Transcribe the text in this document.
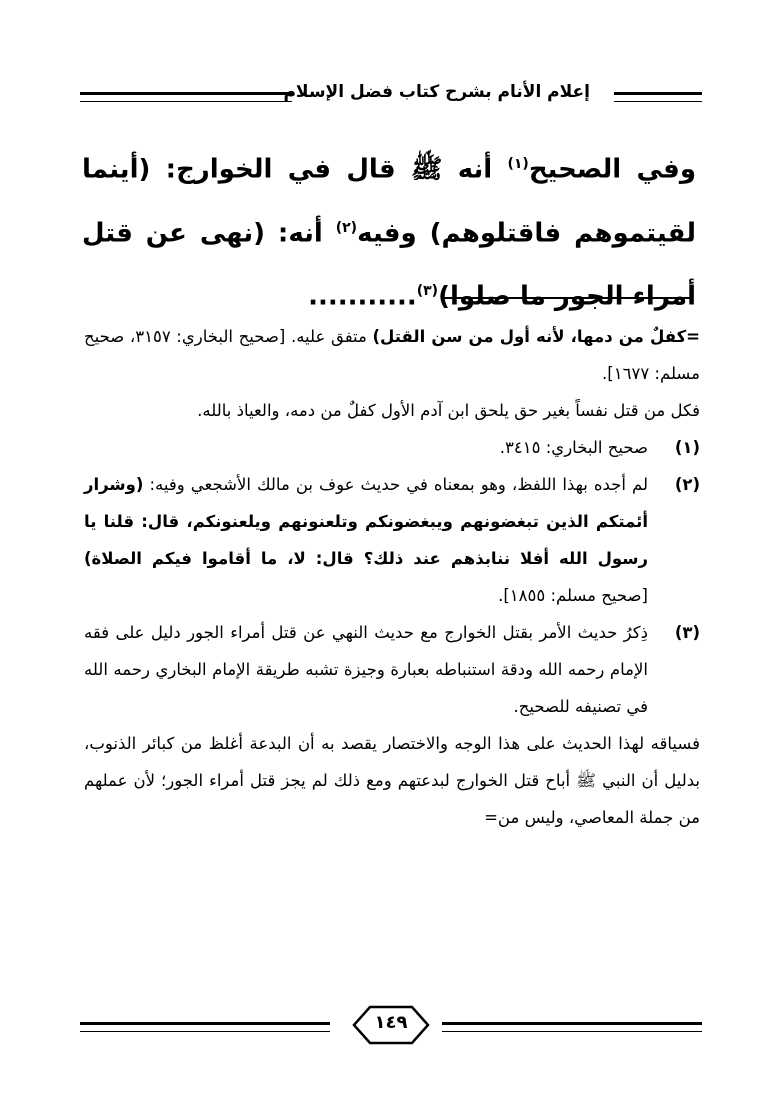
إعلام الأنام بشرح كتاب فضل الإسلام
وفي الصحيح$^{(١)}$ أنه ﷺ قال في الخوارج: (أينما لقيتموهم فاقتلوهم) وفيه$^{(٢)}$ أنه: (نهى عن قتل أمراء الجور ما صلوا)$^{(٣)}$...........

=كفلٌ من دمها، لأنه أول من سن القتل) متفق عليه. [صحيح البخاري: ٣١٥٧، صحيح مسلم: ١٦٧٧].

فكل من قتل نفساً بغير حق يلحق ابن آدم الأول كفلٌ من دمه، والعياذ بالله.

(١)
صحيح البخاري: ٣٤١٥.
(٢)
لم أجده بهذا اللفظ، وهو بمعناه في حديث عوف بن مالك الأشجعي وفيه: (وشرار أئمتكم الذين تبغضونهم ويبغضونكم وتلعنونهم ويلعنونكم، قال: قلنا يا رسول الله أفلا ننابذهم عند ذلك؟ قال: لا، ما أقاموا فيكم الصلاة) [صحيح مسلم: ١٨٥٥].
(٣)
ذِكرُ حديث الأمر بقتل الخوارج مع حديث النهي عن قتل أمراء الجور دليل على فقه الإمام رحمه الله ودقة استنباطه بعبارة وجيزة تشبه طريقة الإمام البخاري رحمه الله في تصنيفه للصحيح.

فسياقه لهذا الحديث على هذا الوجه والاختصار يقصد به أن البدعة أغلظ من كبائر الذنوب، بدليل أن النبي ﷺ أباح قتل الخوارج لبدعتهم ومع ذلك لم يجز قتل أمراء الجور؛ لأن عملهم من جملة المعاصي، وليس من=

١٤٩
